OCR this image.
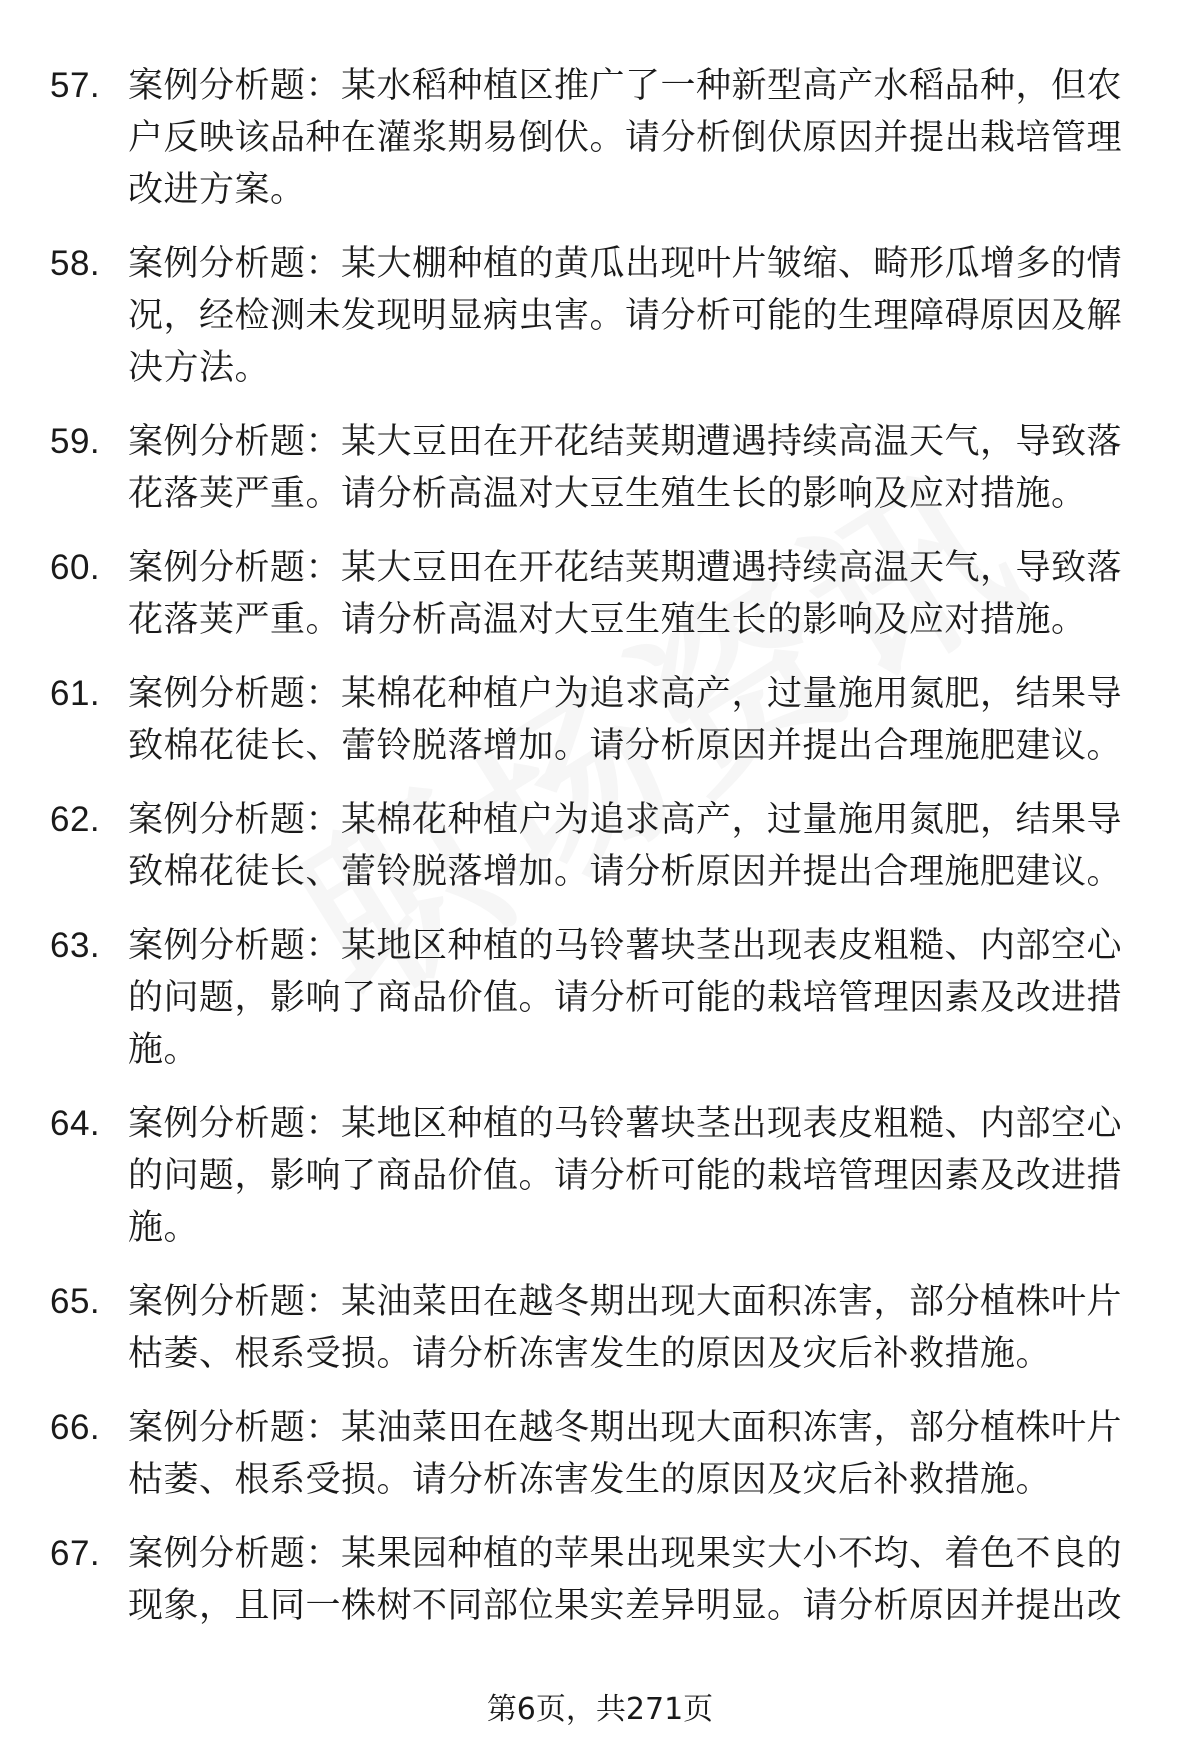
57. 案例分析题：某水稻种植区推广了一种新型高产水稻品种，但农户反映该品种在灌浆期易倒伏。请分析倒伏原因并提出栽培管理改进方案。
58. 案例分析题：某大棚种植的黄瓜出现叶片皱缩、畸形瓜增多的情况，经检测未发现明显病虫害。请分析可能的生理障碍原因及解决方法。
59. 案例分析题：某大豆田在开花结荚期遭遇持续高温天气，导致落花落荚严重。请分析高温对大豆生殖生长的影响及应对措施。
60. 案例分析题：某大豆田在开花结荚期遭遇持续高温天气，导致落花落荚严重。请分析高温对大豆生殖生长的影响及应对措施。
61. 案例分析题：某棉花种植户为追求高产，过量施用氮肥，结果导致棉花徒长、蕾铃脱落增加。请分析原因并提出合理施肥建议。
62. 案例分析题：某棉花种植户为追求高产，过量施用氮肥，结果导致棉花徒长、蕾铃脱落增加。请分析原因并提出合理施肥建议。
63. 案例分析题：某地区种植的马铃薯块茎出现表皮粗糙、内部空心的问题，影响了商品价值。请分析可能的栽培管理因素及改进措施。
64. 案例分析题：某地区种植的马铃薯块茎出现表皮粗糙、内部空心的问题，影响了商品价值。请分析可能的栽培管理因素及改进措施。
65. 案例分析题：某油菜田在越冬期出现大面积冻害，部分植株叶片枯萎、根系受损。请分析冻害发生的原因及灾后补救措施。
66. 案例分析题：某油菜田在越冬期出现大面积冻害，部分植株叶片枯萎、根系受损。请分析冻害发生的原因及灾后补救措施。
67. 案例分析题：某果园种植的苹果出现果实大小不均、着色不良的现象，且同一株树不同部位果实差异明显。请分析原因并提出改
第6页，共271页
